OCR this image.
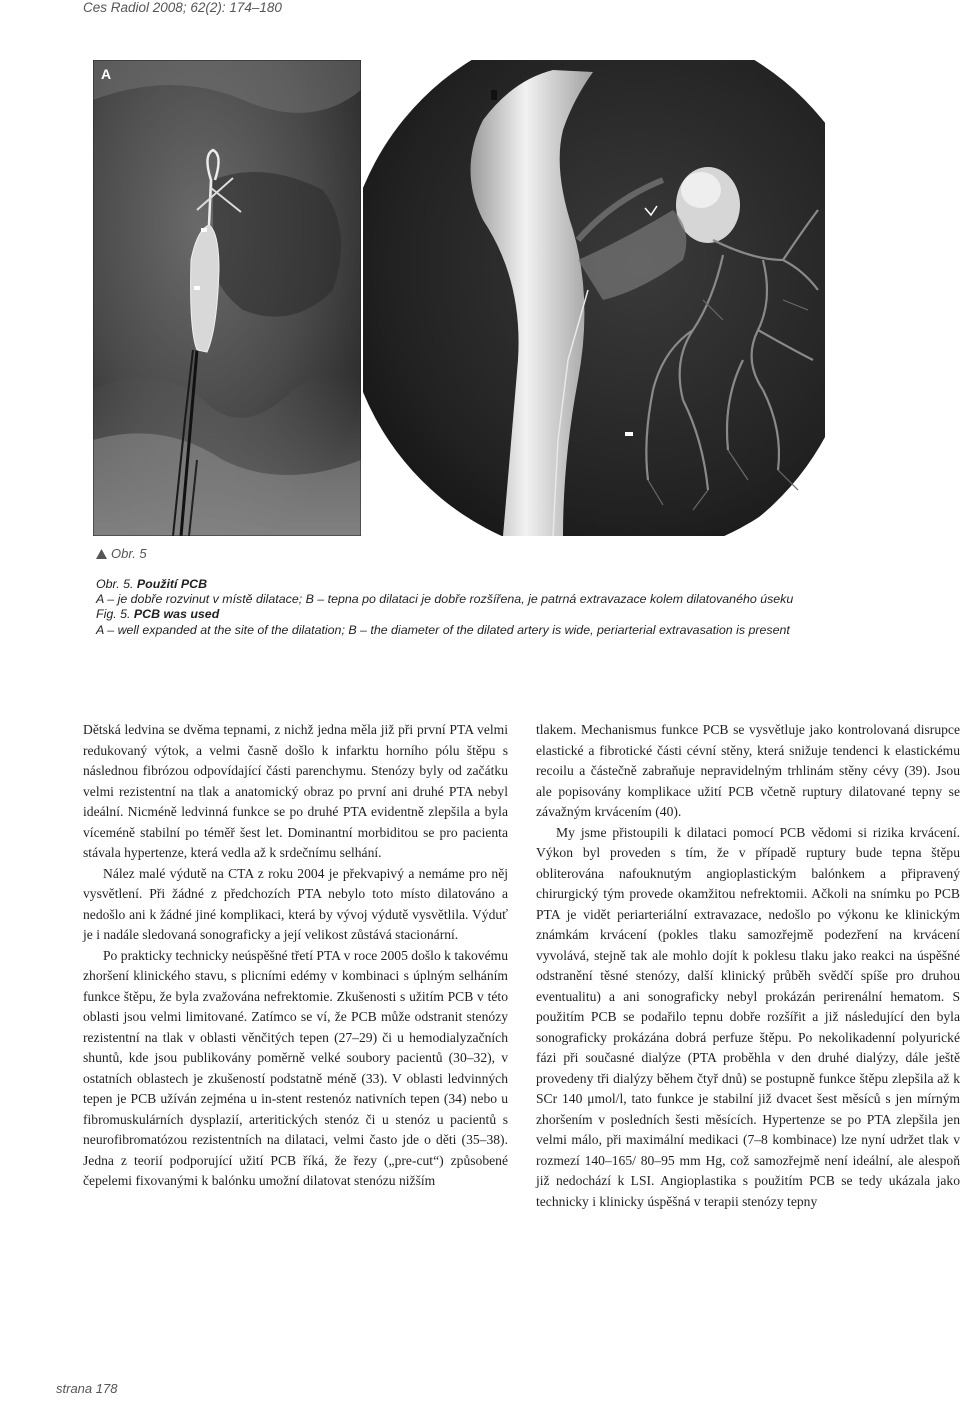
Ces Radiol 2008; 62(2): 174–180
A	B
Obr. 5
Obr. 5. Použití PCB
A – je dobře rozvinut v místě dilatace; B – tepna po dilataci je dobře rozšířena, je patrná extravazace kolem dilatovaného úseku
Fig. 5. PCB was used
A – well expanded at the site of the dilatation; B – the diameter of the dilated artery is wide, periarterial extravasation is present

Dětská ledvina se dvěma tepnami, z nichž jedna měla již při první PTA velmi redukovaný výtok, a velmi časně došlo k infarktu horního pólu štěpu s následnou fibrózou odpovídající části parenchymu. Stenózy byly od začátku velmi rezistentní na tlak a anatomický obraz po první ani druhé PTA nebyl ideální. Nicméně ledvinná funkce se po druhé PTA evidentně zlepšila a byla víceméně stabilní po téměř šest let. Dominantní morbiditou se pro pacienta stávala hypertenze, která vedla až k srdečnímu selhání.

Nález malé výdutě na CTA z roku 2004 je překvapivý a nemáme pro něj vysvětlení. Při žádné z předchozích PTA nebylo toto místo dilatováno a nedošlo ani k žádné jiné komplikaci, která by vývoj výdutě vysvětlila. Výduť je i nadále sledovaná sonograficky a její velikost zůstává stacionární.

Po prakticky technicky neúspěšné třetí PTA v roce 2005 došlo k takovému zhoršení klinického stavu, s plicními edémy v kombinaci s úplným selháním funkce štěpu, že byla zvažována nefrektomie. Zkušenosti s užitím PCB v této oblasti jsou velmi limitované. Zatímco se ví, že PCB může odstranit stenózy rezistentní na tlak v oblasti věnčitých tepen (27–29) či u hemodialyzačních shuntů, kde jsou publikovány poměrně velké soubory pacientů (30–32), v ostatních oblastech je zkušeností podstatně méně (33). V oblasti ledvinných tepen je PCB užíván zejména u in-stent restenóz nativních tepen (34) nebo u fibromuskulárních dysplazií, arteritických stenóz či u stenóz u pacientů s neurofibromatózou rezistentních na dilataci, velmi často jde o děti (35–38). Jedna z teorií podporující užití PCB říká, že řezy („pre-cut“) způsobené čepelemi fixovanými k balónku umožní dilatovat stenózu nižším

tlakem. Mechanismus funkce PCB se vysvětluje jako kontrolovaná disrupce elastické a fibrotické části cévní stěny, která snižuje tendenci k elastickému recoilu a částečně zabraňuje nepravidelným trhlinám stěny cévy (39). Jsou ale popisovány komplikace užití PCB včetně ruptury dilatované tepny se závažným krvácením (40).

My jsme přistoupili k dilataci pomocí PCB vědomi si rizika krvácení. Výkon byl proveden s tím, že v případě ruptury bude tepna štěpu obliterována nafouknutým angioplastickým balónkem a připravený chirurgický tým provede okamžitou nefrektomii. Ačkoli na snímku po PCB PTA je vidět periarteriální extravazace, nedošlo po výkonu ke klinickým známkám krvácení (pokles tlaku samozřejmě podezření na krvácení vyvolává, stejně tak ale mohlo dojít k poklesu tlaku jako reakci na úspěšné odstranění těsné stenózy, další klinický průběh svědčí spíše pro druhou eventualitu) a ani sonograficky nebyl prokázán perirenální hematom. S použitím PCB se podařilo tepnu dobře rozšířit a již následující den byla sonograficky prokázána dobrá perfuze štěpu. Po nekolikadenní polyurické fázi při současné dialýze (PTA proběhla v den druhé dialýzy, dále ještě provedeny tři dialýzy během čtyř dnů) se postupně funkce štěpu zlepšila až k SCr 140 μmol/l, tato funkce je stabilní již dvacet šest měsíců s jen mírným zhoršením v posledních šesti měsících. Hypertenze se po PTA zlepšila jen velmi málo, při maximální medikaci (7–8 kombinace) lze nyní udržet tlak v rozmezí 140–165/ 80–95 mm Hg, což samozřejmě není ideální, ale alespoň již nedochází k LSI. Angioplastika s použitím PCB se tedy ukázala jako technicky i klinicky úspěšná v terapii stenózy tepny

strana 178
